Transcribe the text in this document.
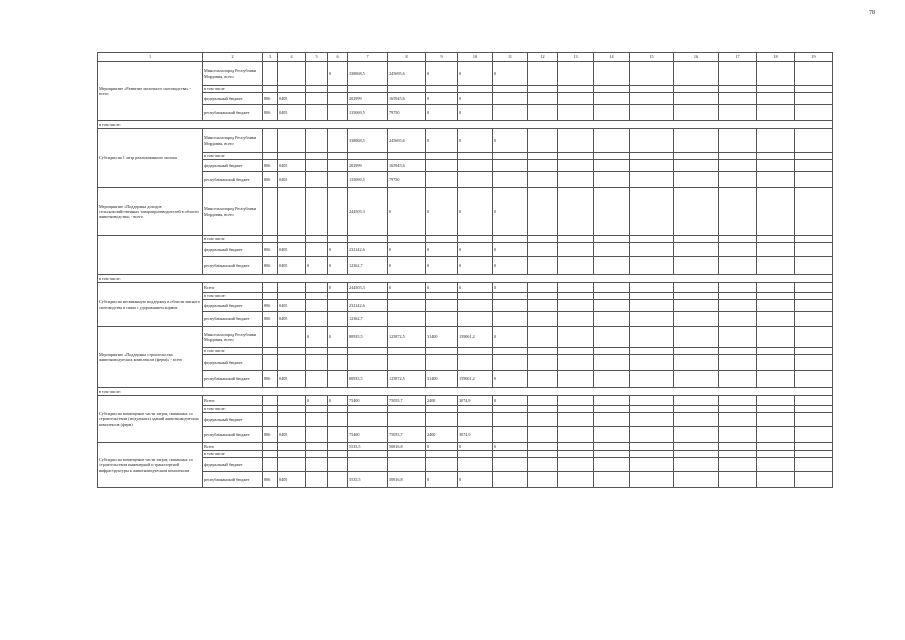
78
1	2	3	4	5	6	7	8	9	10	11	12	13	14	15	16	17	18	19
Мероприятие «Развитие молочного скотоводства» - всего	Минсельхозпрод Республики Мордовия, всего				0	338068,5	245695,6	0	0	0								
	в том числе																	
	федеральный бюджет	806	0405			202999	165945,6	0	0									
	республиканский бюджет	806	0405			135069,5	79750	0	0									
в том числе:																		
Субсидии на 1 литр реализованного молока	Минсельхозпрод Республики Мордовия, всего					338068,5	245695,6	0	0	0								
	в том числе																	
	федеральный бюджет	806	0405			202999	165945,6											
	республиканский бюджет	806	0405			135069,5	79750											
Мероприятие «Поддержка доходов сельскохозяйственных товаропроизводителей в области животноводства» - всего	Минсельхозпрод Республики Мордовия, всего					244505,3	0	0	0	0								
	в том числе																	
	федеральный бюджет	806	0405		0	232142,6	0	0	0	0								
	республиканский бюджет	806	0405	0	0	12362,7	0	0	0	0								
в том числе:																		
Субсидии на несвязанную поддержку в области мясного скотоводства в связи с удорожанием кормов	Всего:				0	244505,3	0	0	0	0								
	в том числе:																	
	федеральный бюджет	806	0405			232142,6												
	республиканский бюджет	806	0405			12362,7												
Мероприятие «Поддержка строительства животноводческих комплексов (ферм)» - всего	Минсельхозпрод Республики Мордовия, всего			0	0	80935,5	125872,5	31400	159061,2	0								
	в том числе																	
	федеральный бюджет																	
	республиканский бюджет	806	0405			80935,5	125872,5	31400	159061,2	0								
в том числе:																		
Субсидии на возмещение части затрат, связанных со строительством (модульных) зданий животноводческих комплексов (ферм)	Всего:			0	0	75400	75055,7	2400	3074,9	0								
	в том числе:																	
	федеральный бюджет																	
	республиканский бюджет	806	0405			75400	75055,7	2400	3074,9									
Субсидии на возмещение части затрат, связанных со строительством инженерной и транспортной инфраструктуры к животноводческим комплексам	Всего					5535,5	50816,8	0	0	0								
	в том числе																	
	федеральный бюджет																	
	республиканский бюджет	806	0405			5535,5	50816,8	0	0									
